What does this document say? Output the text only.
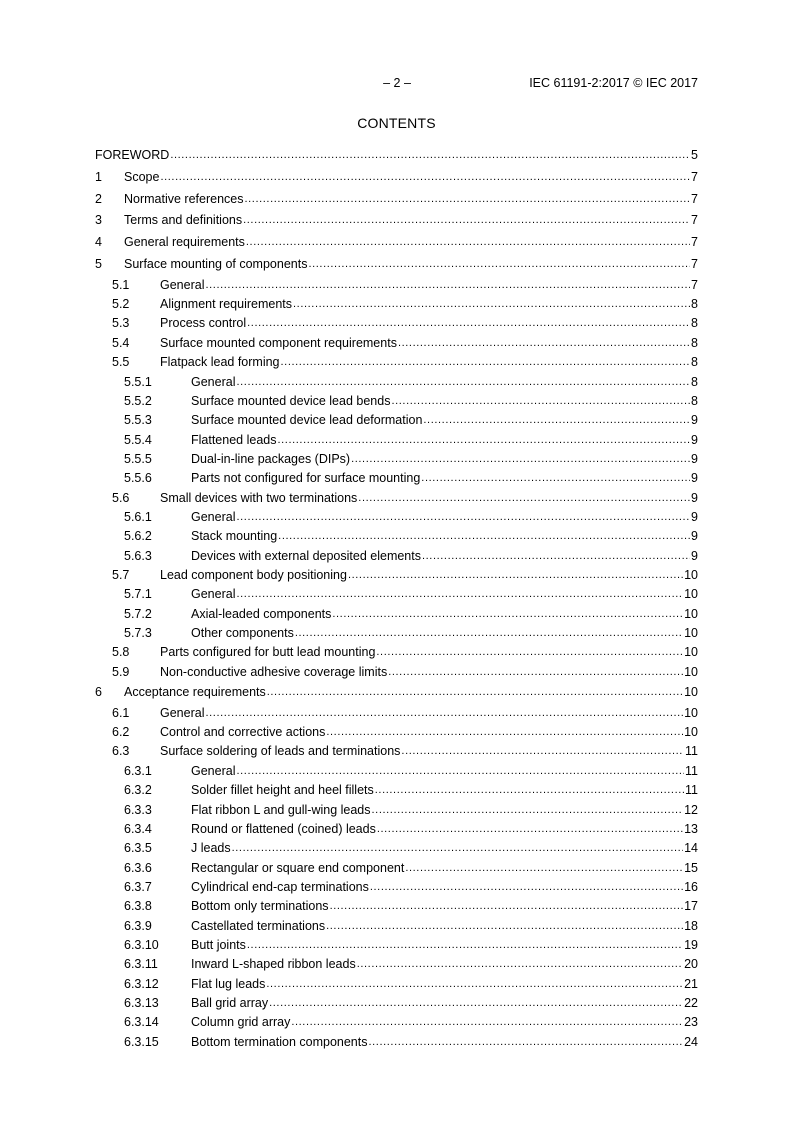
– 2 –	IEC 61191-2:2017 © IEC 2017
CONTENTS
FOREWORD .....	5
1 Scope .....	7
2 Normative references .....	7
3 Terms and definitions .....	7
4 General requirements .....	7
5 Surface mounting of components .....	7
5.1 General .....	7
5.2 Alignment requirements .....	8
5.3 Process control .....	8
5.4 Surface mounted component requirements .....	8
5.5 Flatpack lead forming .....	8
5.5.1	General .....	8
5.5.2	Surface mounted device lead bends .....	8
5.5.3	Surface mounted device lead deformation .....	9
5.5.4	Flattened leads .....	9
5.5.5	Dual-in-line packages (DIPs) .....	9
5.5.6	Parts not configured for surface mounting .....	9
5.6 Small devices with two terminations .....	9
5.6.1	General .....	9
5.6.2	Stack mounting .....	9
5.6.3	Devices with external deposited elements .....	9
5.7 Lead component body positioning .....	10
5.7.1	General .....	10
5.7.2	Axial-leaded components .....	10
5.7.3	Other components .....	10
5.8 Parts configured for butt lead mounting .....	10
5.9 Non-conductive adhesive coverage limits .....	10
6 Acceptance requirements .....	10
6.1 General .....	10
6.2 Control and corrective actions .....	10
6.3 Surface soldering of leads and terminations .....	11
6.3.1	General .....	11
6.3.2	Solder fillet height and heel fillets .....	11
6.3.3	Flat ribbon L and gull-wing leads .....	12
6.3.4	Round or flattened (coined) leads .....	13
6.3.5	J leads .....	14
6.3.6	Rectangular or square end component .....	15
6.3.7	Cylindrical end-cap terminations .....	16
6.3.8	Bottom only terminations .....	17
6.3.9	Castellated terminations .....	18
6.3.10	Butt joints .....	19
6.3.11	Inward L-shaped ribbon leads .....	20
6.3.12	Flat lug leads .....	21
6.3.13	Ball grid array .....	22
6.3.14	Column grid array .....	23
6.3.15	Bottom termination components .....	24
